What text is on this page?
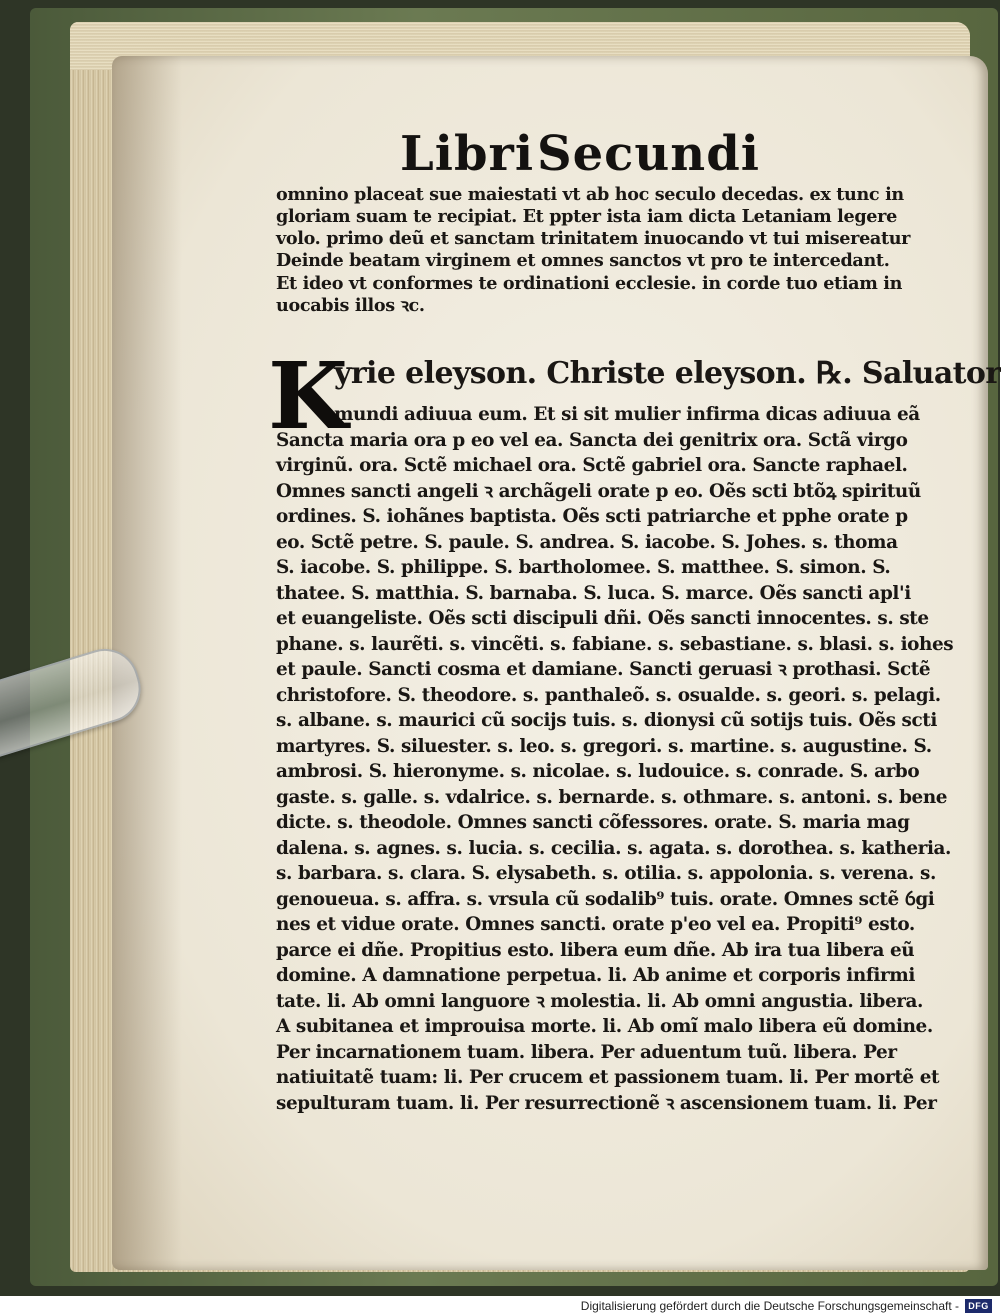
Libri Secundi
omnino placeat sue maiestati vt ab hoc seculo decedas. ex tunc in
gloriam suam te recipiat. Et ppter ista iam dicta Letaniam legere
volo. primo deũ et sanctam trinitatem inuocando vt tui misereatur
Deinde beatam virginem et omnes sanctos vt pro te intercedant.
Et ideo vt conformes te ordinationi ecclesie. in corde tuo etiam in
uocabis illos ꝛc.
K
yrie eleyson. Christe eleyson. ℞. Saluator
mundi adiuua eum. Et si sit mulier infirma dicas adiuua eã
Sancta maria ora p eo vel ea. Sancta dei genitrix ora. Sctã virgo
virginũ. ora. Sctẽ michael ora. Sctẽ gabriel ora. Sancte raphael.
Omnes sancti angeli ꝛ archãgeli orate p eo. Oẽs scti btõꝝ spirituũ
ordines. S. iohãnes baptista. Oẽs scti patriarche et pphe orate p
eo. Sctẽ petre. S. paule. S. andrea. S. iacobe. S. Johes. s. thoma
S. iacobe. S. philippe. S. bartholomee. S. matthee. S. simon. S.
thatee. S. matthia. S. barnaba. S. luca. S. marce. Oẽs sancti apl'i
et euangeliste. Oẽs scti discipuli dñi. Oẽs sancti innocentes. s. ste
phane. s. laurẽti. s. vincẽti. s. fabiane. s. sebastiane. s. blasi. s. iohes
et paule. Sancti cosma et damiane. Sancti geruasi ꝛ prothasi. Sctẽ
christofore. S. theodore. s. panthaleõ. s. osualde. s. geori. s. pelagi.
s. albane. s. maurici cũ socijs tuis. s. dionysi cũ sotijs tuis. Oẽs scti
martyres. S. siluester. s. leo. s. gregori. s. martine. s. augustine. S.
ambrosi. S. hieronyme. s. nicolae. s. ludouice. s. conrade. S. arbo
gaste. s. galle. s. vdalrice. s. bernarde. s. othmare. s. antoni. s. bene
dicte. s. theodole. Omnes sancti cõfessores. orate. S. maria mag
dalena. s. agnes. s. lucia. s. cecilia. s. agata. s. dorothea. s. katheria.
s. barbara. s. clara. S. elysabeth. s. otilia. s. appolonia. s. verena. s.
genoueua. s. affra. s. vrsula cũ sodalib⁹ tuis. orate. Omnes sctẽ ỽgi
nes et vidue orate. Omnes sancti. orate p'eo vel ea. Propiti⁹ esto.
parce ei dñe. Propitius esto. libera eum dñe. Ab ira tua libera eũ
domine. A damnatione perpetua. li. Ab anime et corporis infirmi
tate. li. Ab omni languore ꝛ molestia. li. Ab omni angustia. libera.
A subitanea et improuisa morte. li. Ab omĩ malo libera eũ domine.
Per incarnationem tuam. libera. Per aduentum tuũ. libera. Per
natiuitatẽ tuam: li. Per crucem et passionem tuam. li. Per mortẽ et
sepulturam tuam. li. Per resurrectionẽ ꝛ ascensionem tuam. li. Per
Digitalisierung gefördert durch die Deutsche Forschungsgemeinschaft -	DFG
